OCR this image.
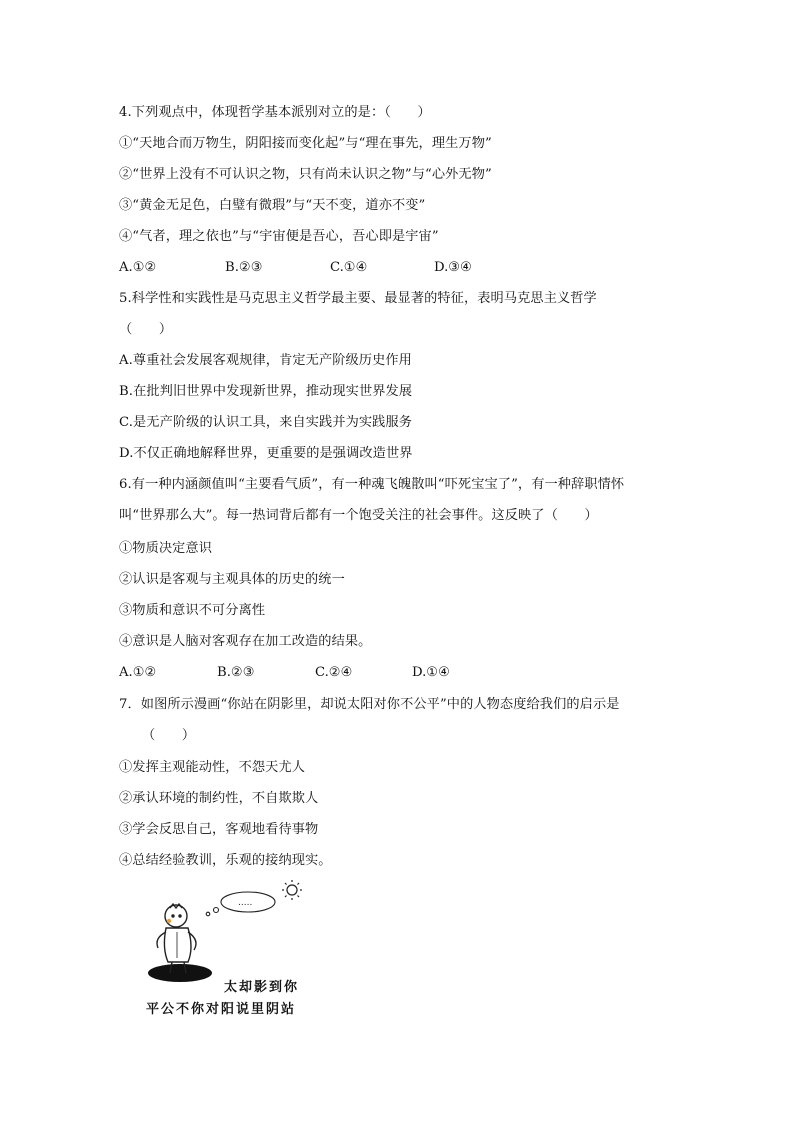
4.下列观点中，体现哲学基本派别对立的是：（　　）
①“天地合而万物生，阴阳接而变化起”与“理在事先，理生万物”
②“世界上没有不可认识之物，只有尚未认识之物”与“心外无物”
③“黄金无足色，白璧有微瑕”与“天不变，道亦不变”
④“气者，理之依也”与“宇宙便是吾心，吾心即是宇宙”
A.①②	B.②③	C.①④	D.③④
5.科学性和实践性是马克思主义哲学最主要、最显著的特征，表明马克思主义哲学
（　　）
A.尊重社会发展客观规律，肯定无产阶级历史作用
B.在批判旧世界中发现新世界，推动现实世界发展
C.是无产阶级的认识工具，来自实践并为实践服务
D.不仅正确地解释世界，更重要的是强调改造世界
6.有一种内涵颜值叫“主要看气质”，有一种魂飞魄散叫“吓死宝宝了”，有一种辞职情怀
叫“世界那么大”。每一热词背后都有一个饱受关注的社会事件。这反映了（　　）
①物质决定意识
②认识是客观与主观具体的历史的统一
③物质和意识不可分离性
④意识是人脑对客观存在加工改造的结果。
A.①②	B.②③	C.②④	D.①④
7．如图所示漫画“你站在阴影里，却说太阳对你不公平”中的人物态度给我们的启示是
（　　）
①发挥主观能动性，不怨天尤人
②承认环境的制约性，不自欺欺人
③学会反思自己，客观地看待事物
④总结经验教训，乐观的接纳现实。
.....
太却影到你
平公不你对阳说里阴站
